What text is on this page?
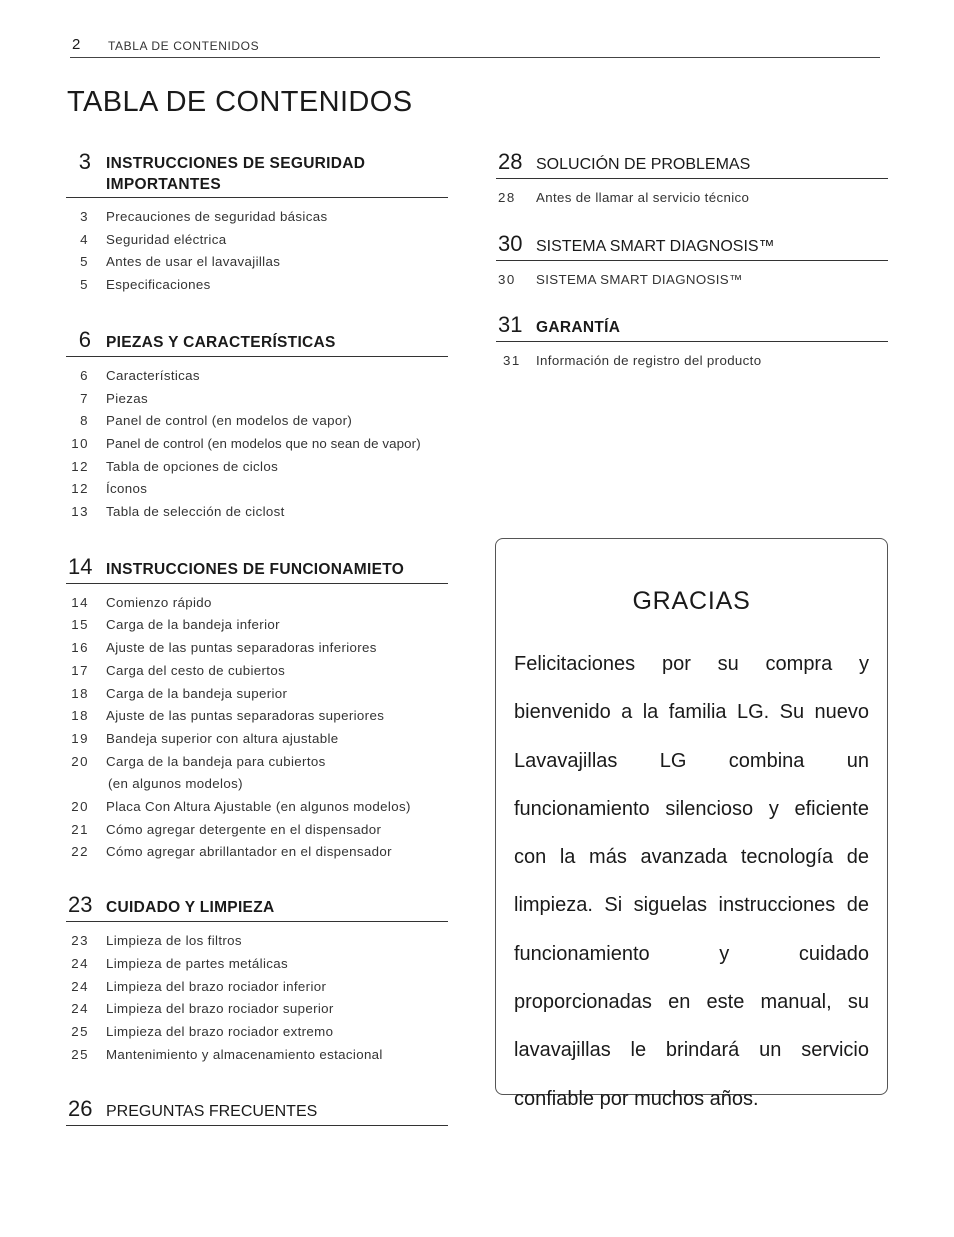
2 TABLA DE CONTENIDOS
TABLA DE CONTENIDOS
3 INSTRUCCIONES DE SEGURIDAD IMPORTANTES
3	Precauciones de seguridad básicas
4	Seguridad eléctrica
5	Antes de usar el lavavajillas
5	Especificaciones
6 PIEZAS Y CARACTERÍSTICAS
6	Características
7	Piezas
8	Panel de control (en modelos de vapor)
10	Panel de control (en modelos que no sean de vapor)
12	Tabla de opciones de ciclos
12	Íconos
13	Tabla de selección de ciclost
14 INSTRUCCIONES DE FUNCIONAMIETO
14	Comienzo rápido
15	Carga de la bandeja inferior
16	Ajuste de las puntas separadoras inferiores
17	Carga del cesto de cubiertos
18	Carga de la bandeja superior
18	Ajuste de las puntas separadoras superiores
19	Bandeja superior con altura ajustable
20	Carga de la bandeja para cubiertos
(en algunos modelos)
20	Placa Con Altura Ajustable (en algunos modelos)
21	Cómo agregar detergente en el dispensador
22	Cómo agregar abrillantador en el dispensador
23 CUIDADO Y LIMPIEZA
23	Limpieza de los filtros
24	Limpieza de partes metálicas
24	Limpieza del brazo rociador inferior
24	Limpieza del brazo rociador superior
25	Limpieza del brazo rociador extremo
25	Mantenimiento y almacenamiento estacional
26 PREGUNTAS FRECUENTES
28 SOLUCIÓN DE PROBLEMAS
28	Antes de llamar al servicio técnico
30 SISTEMA SMART DIAGNOSIS™
30	SISTEMA SMART DIAGNOSIS™
31 GARANTÍA
31	Información de registro del producto
GRACIAS

Felicitaciones por su compra y bienvenido a la familia LG. Su nuevo Lavavajillas LG combina un funcionamiento silencioso y eficiente con la más avanzada tecnología de limpieza. Si siguelas instrucciones de funcionamiento y cuidado proporcionadas en este manual, su lavavajillas le brindará un servicio confiable por muchos años.
